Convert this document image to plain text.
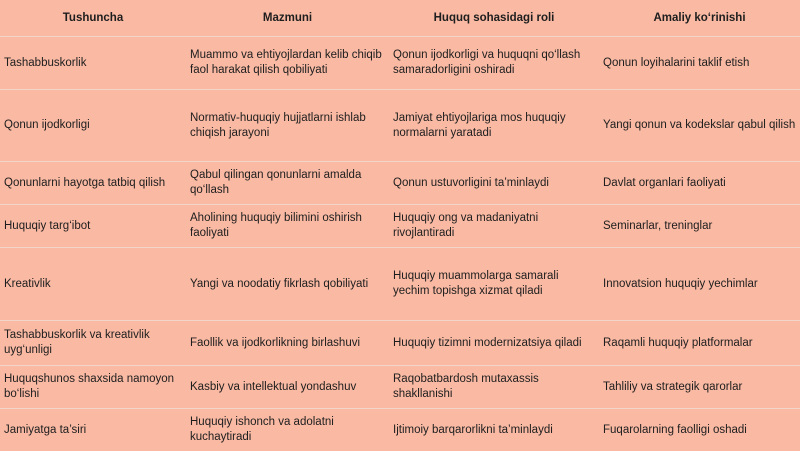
Tushuncha	Mazmuni	Huquq sohasidagi roli	Amaliy ko‘rinishi
Tashabbuskorlik	Muammo va ehtiyojlardan kelib chiqib faol harakat qilish qobiliyati	Qonun ijodkorligi va huquqni qo‘llash samaradorligini oshiradi	Qonun loyihalarini taklif etish
Qonun ijodkorligi	Normativ-huquqiy hujjatlarni ishlab chiqish jarayoni	Jamiyat ehtiyojlariga mos huquqiy normalarni yaratadi	Yangi qonun va kodekslar qabul qilish
Qonunlarni hayotga tatbiq qilish	Qabul qilingan qonunlarni amalda qo‘llash	Qonun ustuvorligini ta’minlaydi	Davlat organlari faoliyati
Huquqiy targ‘ibot	Aholining huquqiy bilimini oshirish faoliyati	Huquqiy ong va madaniyatni rivojlantiradi	Seminarlar, treninglar
Kreativlik	Yangi va noodatiy fikrlash qobiliyati	Huquqiy muammolarga samarali yechim topishga xizmat qiladi	Innovatsion huquqiy yechimlar
Tashabbuskorlik va kreativlik uyg‘unligi	Faollik va ijodkorlikning birlashuvi	Huquqiy tizimni modernizatsiya qiladi	Raqamli huquqiy platformalar
Huquqshunos shaxsida namoyon bo‘lishi	Kasbiy va intellektual yondashuv	Raqobatbardosh mutaxassis shakllanishi	Tahliliy va strategik qarorlar
Jamiyatga ta’siri	Huquqiy ishonch va adolatni kuchaytiradi	Ijtimoiy barqarorlikni ta’minlaydi	Fuqarolarning faolligi oshadi
